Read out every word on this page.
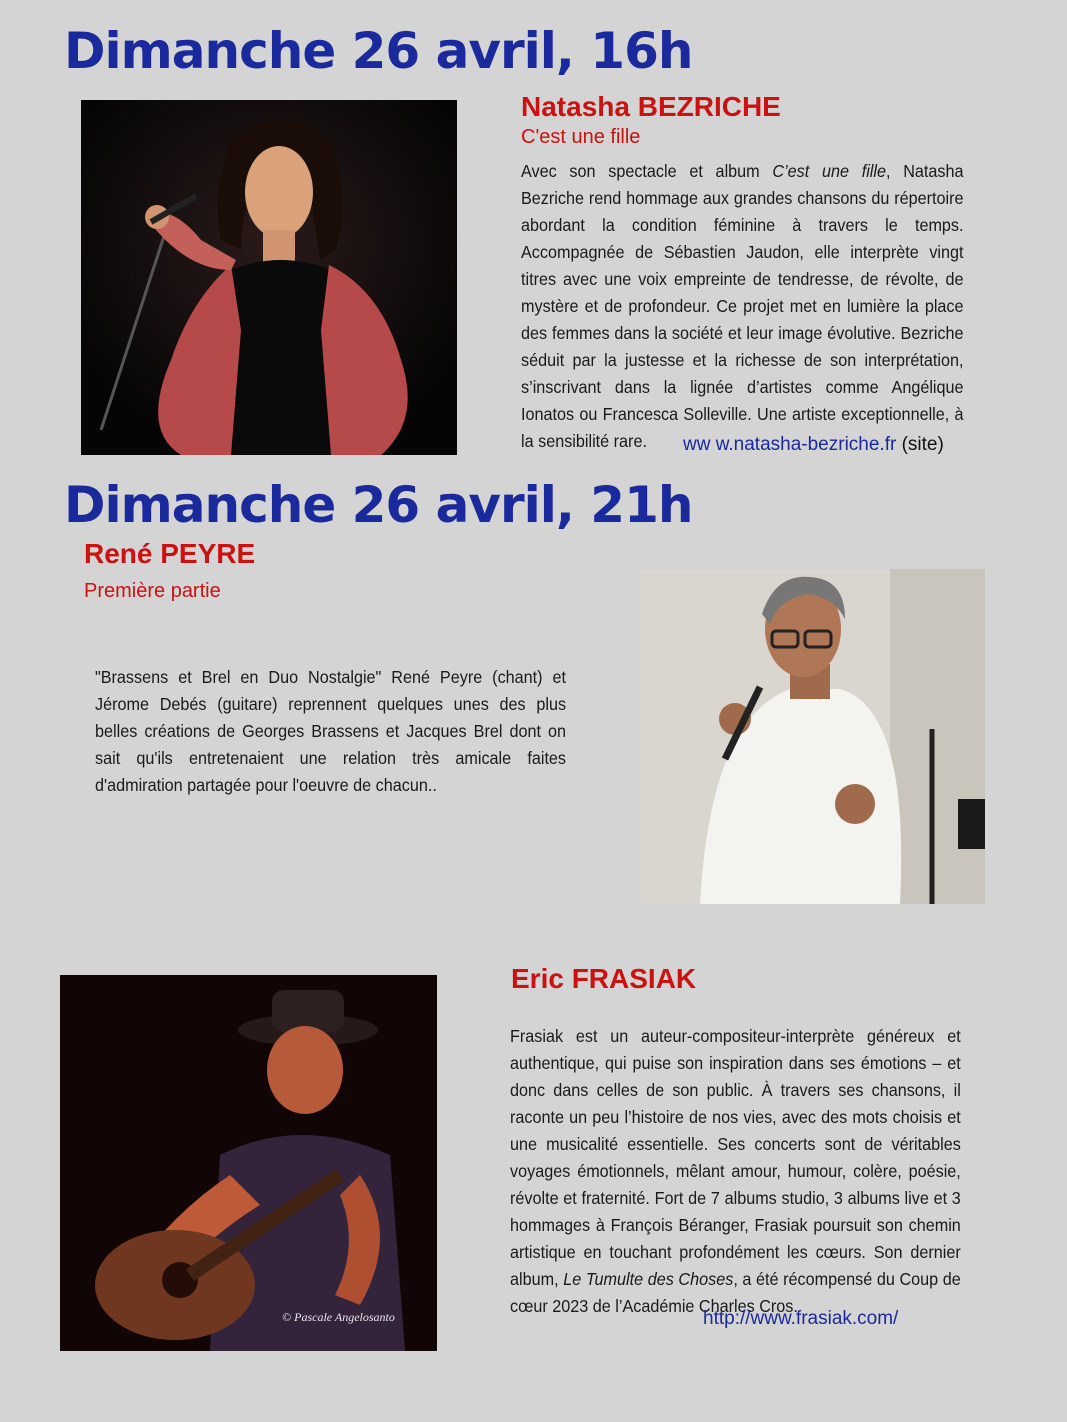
Dimanche 26 avril, 16h
Natasha BEZRICHE
C'est une fille
Avec son spectacle et album C’est une fille, Natasha Bezriche rend hommage aux grandes chansons du répertoire abordant la condition féminine à travers le temps. Accompagnée de Sébastien Jaudon, elle interprète vingt titres avec une voix empreinte de tendresse, de révolte, de mystère et de profondeur. Ce projet met en lumière la place des femmes dans la société et leur image évolutive. Bezriche séduit par la justesse et la richesse de son interprétation, s’inscrivant dans la lignée d’artistes comme Angélique Ionatos ou Francesca Solleville. Une artiste exceptionnelle, à la sensibilité rare.	ww w.natasha-bezriche.fr (site)
Dimanche 26 avril, 21h
René PEYRE
Première partie
"Brassens et Brel en Duo Nostalgie" René Peyre (chant) et Jérome Debés (guitare) reprennent quelques unes des plus belles créations de Georges Brassens et Jacques Brel dont on sait qu'ils entretenaient une relation très amicale faites d'admiration partagée pour l'oeuvre de chacun..
© Pascale Angelosanto
Eric FRASIAK
Frasiak est un auteur-compositeur-interprète généreux et authentique, qui puise son inspiration dans ses émotions – et donc dans celles de son public. À travers ses chansons, il raconte un peu l’histoire de nos vies, avec des mots choisis et une musicalité essentielle. Ses concerts sont de véritables voyages émotionnels, mêlant amour, humour, colère, poésie, révolte et fraternité. Fort de 7 albums studio, 3 albums live et 3 hommages à François Béranger, Frasiak poursuit son chemin artistique en touchant profondément les cœurs. Son dernier album, Le Tumulte des Choses, a été récompensé du Coup de cœur 2023 de l’Académie Charles Cros.
http://www.frasiak.com/
